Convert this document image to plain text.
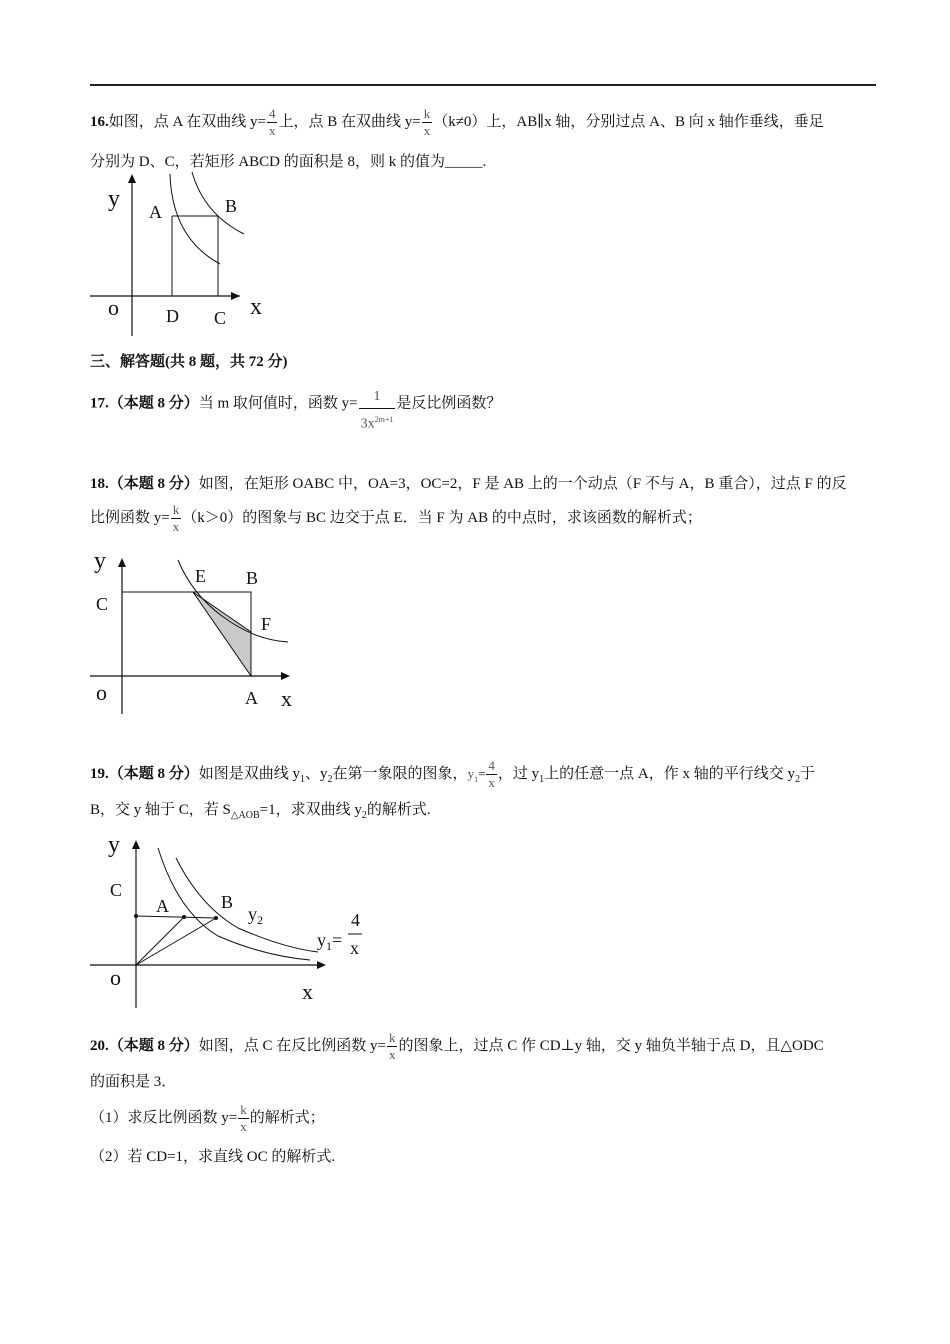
16.如图，点 A 在双曲线 $y= \frac{4}{x}$ 上，点 B 在双曲线 $y= \frac{k}{x} (k\ne 0)$上，AB∥x 轴，分别过点 A、B 向 x 轴作垂线，垂足
分别为 D、C，若矩形 ABCD 的面积是 8，则 k 的值为_____.
y A	B
o	D C x
三、解答题(共 8 题，共 72 分)
17.（本题 8 分）当 m 取何值时，函数 $y= \frac{1}{3x^{2m+1}}$ 是反比例函数？
18.（本题 8 分）如图，在矩形 OABC 中，OA=3，OC=2，F 是 AB 上的一个动点（F 不与 A，B 重合），过点 F 的反
比例函数 $y= \frac{k}{x} (k>0)$的图象与 BC 边交于点 E．当 F 为 AB 的中点时，求该函数的解析式；
y
E B
C
F
o	A x
19.（本题 8 分）如图是双曲线 $y_1$、$y_2$在第一象限的图象，$y_1= \frac{4}{x}$ ，过 $y_1$上的任意一点 A，作 x 轴的平行线交 $y_2$于
B，交 y 轴于 C，若 $S_{\triangle AOB}=1$，求双曲线 $y_2$的解析式.
y
C
A	B
$y_2$
$y_1=$
4
x
o
x
20.（本题 8 分）如图，点 C 在反比例函数 $y= \frac{k}{x}$ 的图象上，过点 C 作 CD⊥y 轴，交 y 轴负半轴于点 D，且△ODC
的面积是 3．
（1）求反比例函数 $y= \frac{k}{x}$ 的解析式；
（2）若 CD=1，求直线 OC 的解析式.
